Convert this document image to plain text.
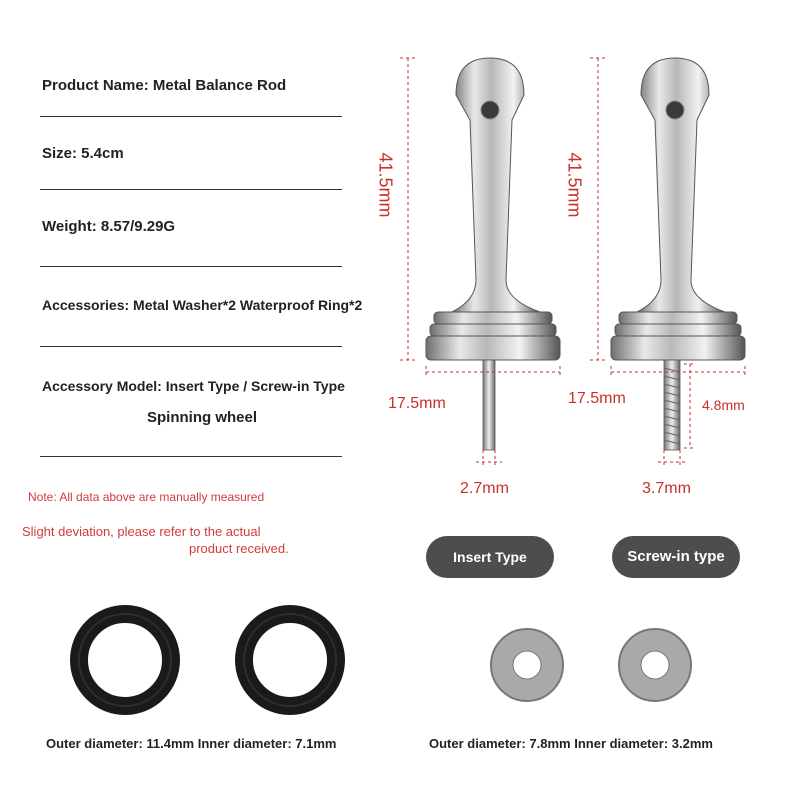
Product Name: Metal Balance Rod
Size: 5.4cm
Weight: 8.57/9.29G
Accessories: Metal Washer*2 Waterproof Ring*2
Accessory Model: Insert Type / Screw-in Type
Spinning wheel
Note: All data above are manually measured
Slight deviation, please refer to the actual
product received.
41.5mm
17.5mm
2.7mm
41.5mm
17.5mm	4.8mm
3.7mm
Insert Type	Screw-in type
Outer diameter: 11.4mm Inner diameter: 7.1mm	Outer diameter: 7.8mm Inner diameter: 3.2mm
